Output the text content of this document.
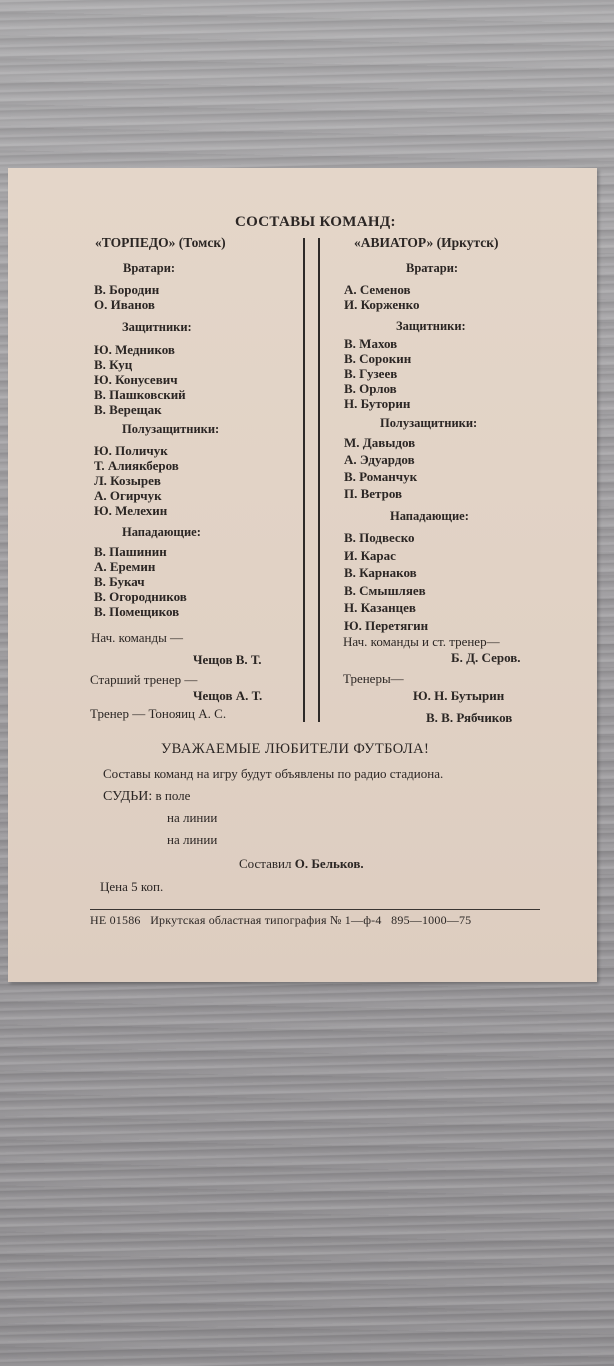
СОСТАВЫ КОМАНД:
«ТОРПЕДО» (Томск)	«АВИАТОР» (Иркутск)
Вратари:
В. Бородин
О. Иванов
Защитники:
Ю. Медников
В. Куц
Ю. Конусевич
В. Пашковский
В. Верещак
Полузащитники:
Ю. Поличук
Т. Алиякберов
Л. Козырев
А. Огирчук
Ю. Мелехин
Нападающие:
В. Пашинин
А. Еремин
В. Букач
В. Огородников
В. Помещиков
Нач. команды —
Чещов В. Т.
Старший тренер —
Чещов А. Т.
Тренер — Тонояиц А. С.
Вратари:
А. Семенов
И. Корженко
Защитники:
В. Махов
В. Сорокин
В. Гузеев
В. Орлов
Н. Буторин
Полузащитники:
М. Давыдов
А. Эдуардов
В. Романчук
П. Ветров
Нападающие:
В. Подвеско
И. Карас
В. Карнаков
В. Смышляев
Н. Казанцев
Ю. Перетягин
Нач. команды и ст. тренер—
Б. Д. Серов.
Тренеры—
Ю. Н. Бутырин
В. В. Рябчиков
УВАЖАЕМЫЕ ЛЮБИТЕЛИ ФУТБОЛА!
Составы команд на игру будут объявлены по радио стадиона.
СУДЬИ: в поле
на линии
на линии
Составил О. Бельков.
Цена 5 коп.
НЕ 01586   Иркутская областная типография № 1—ф-4   895—1000—75
